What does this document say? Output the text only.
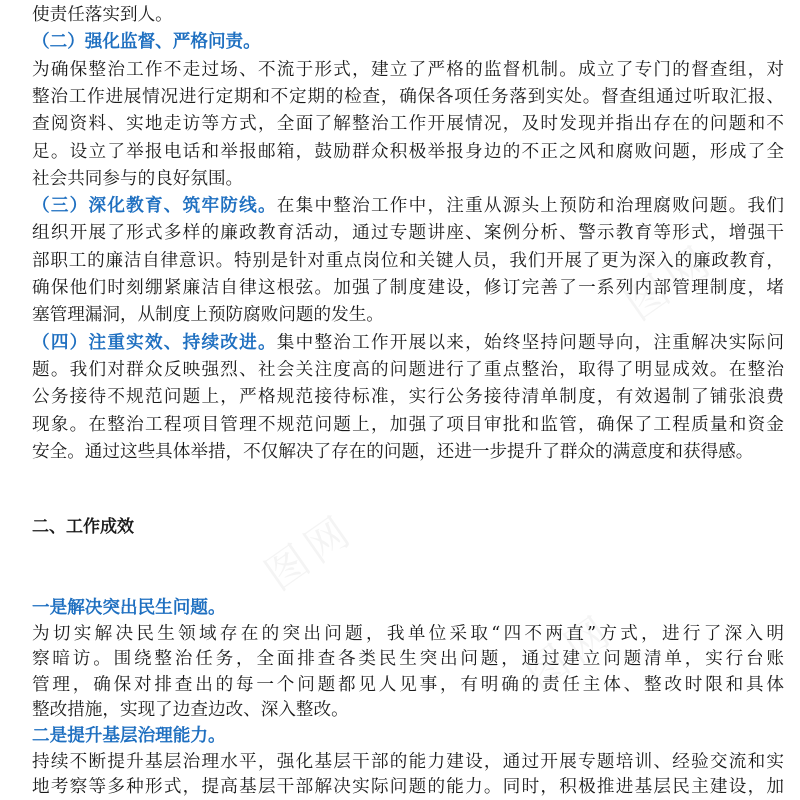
使责任落实到人。
（二）强化监督、严格问责。
为确保整治工作不走过场、不流于形式，建立了严格的监督机制。成立了专门的督查组，对
整治工作进展情况进行定期和不定期的检查，确保各项任务落到实处。督查组通过听取汇报、
查阅资料、实地走访等方式，全面了解整治工作开展情况，及时发现并指出存在的问题和不
足。设立了举报电话和举报邮箱，鼓励群众积极举报身边的不正之风和腐败问题，形成了全
社会共同参与的良好氛围。
（三）深化教育、筑牢防线。在集中整治工作中，注重从源头上预防和治理腐败问题。我们
组织开展了形式多样的廉政教育活动，通过专题讲座、案例分析、警示教育等形式，增强干
部职工的廉洁自律意识。特别是针对重点岗位和关键人员，我们开展了更为深入的廉政教育，
确保他们时刻绷紧廉洁自律这根弦。加强了制度建设，修订完善了一系列内部管理制度，堵
塞管理漏洞，从制度上预防腐败问题的发生。
（四）注重实效、持续改进。集中整治工作开展以来，始终坚持问题导向，注重解决实际问
题。我们对群众反映强烈、社会关注度高的问题进行了重点整治，取得了明显成效。在整治
公务接待不规范问题上，严格规范接待标准，实行公务接待清单制度，有效遏制了铺张浪费
现象。在整治工程项目管理不规范问题上，加强了项目审批和监管，确保了工程质量和资金
安全。通过这些具体举措，不仅解决了存在的问题，还进一步提升了群众的满意度和获得感。
二、工作成效
一是解决突出民生问题。
为切实解决民生领域存在的突出问题，我单位采取“四不两直”方式，进行了深入明
察暗访。围绕整治任务，全面排查各类民生突出问题，通过建立问题清单，实行台账
管理，确保对排查出的每一个问题都见人见事，有明确的责任主体、整改时限和具体
整改措施，实现了边查边改、深入整改。
二是提升基层治理能力。
持续不断提升基层治理水平，强化基层干部的能力建设，通过开展专题培训、经验交流和实
地考察等多种形式，提高基层干部解决实际问题的能力。同时，积极推进基层民主建设，加
图网
图网
图网
